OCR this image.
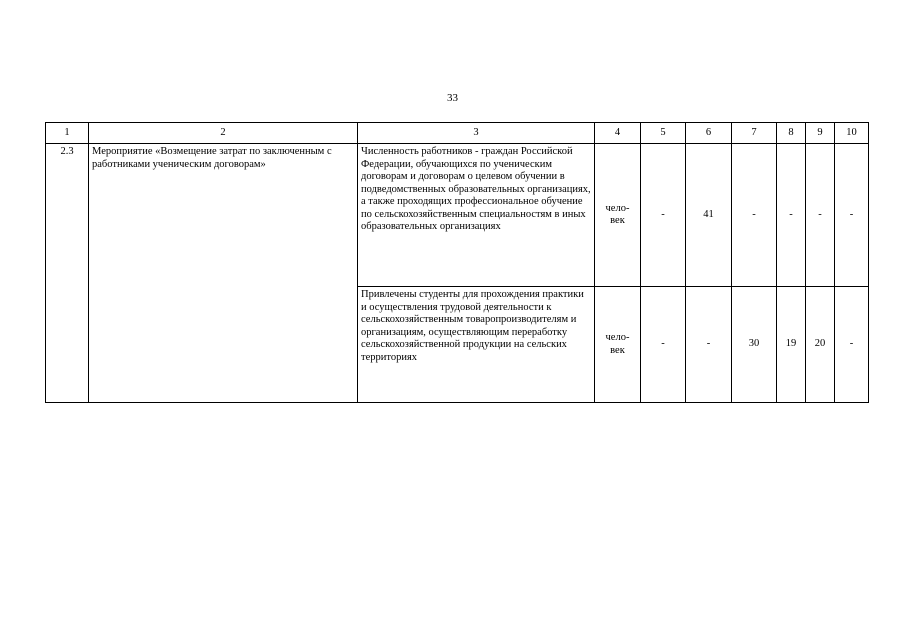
33
1	2	3	4	5	6	7	8	9	10
2.3	Мероприятие «Возмещение затрат по заключенным с работниками ученическим договорам»	Численность работников - граждан Российской Федерации, обучающихся по ученическим договорам и договорам о целевом обучении в подведомственных образовательных организациях, а также проходящих профессиональное обучение по сельскохозяйственным специальностям в иных образовательных организациях	чело-
век	-	41	-	-	-	-
		Привлечены студенты для прохождения практики и осуществления трудовой деятельности к сельскохозяйственным товаропроизводителям и организациям, осуществляющим переработку сельскохозяйственной продукции на сельских территориях	чело-
век	-	-	30	19	20	-
